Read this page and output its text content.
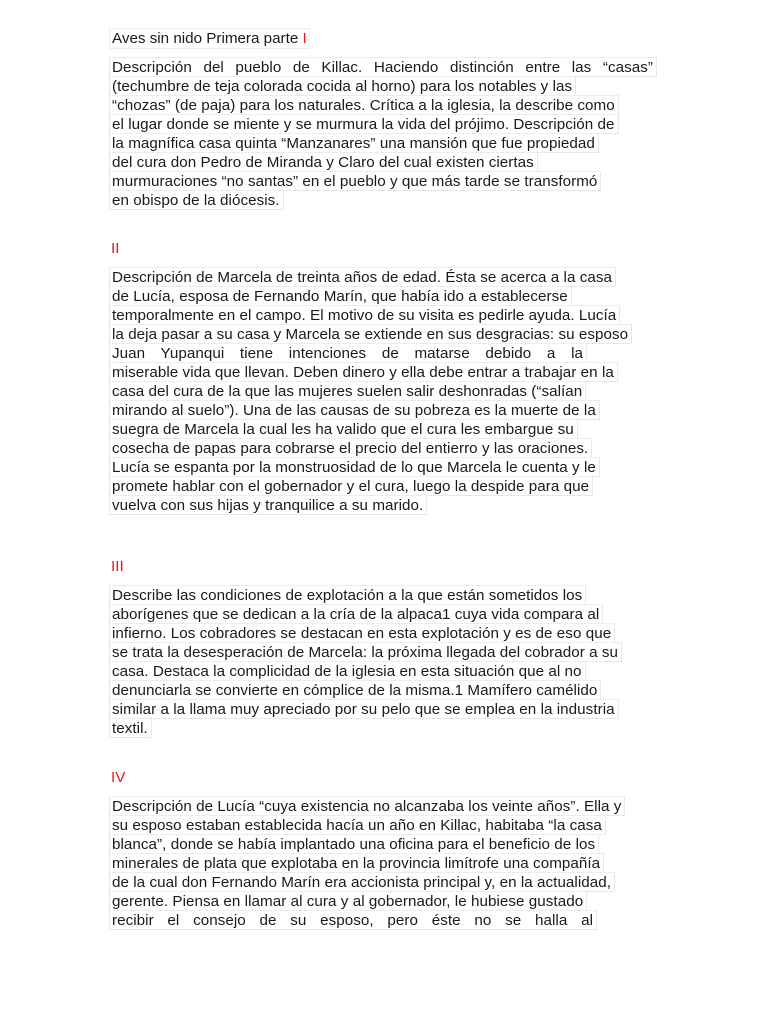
Aves sin nido Primera parte I
Descripción del pueblo de Killac. Haciendo distinción entre las “casas”
(techumbre de teja colorada cocida al horno) para los notables y las
“chozas” (de paja) para los naturales. Crítica a la iglesia, la describe como
el lugar donde se miente y se murmura la vida del prójimo. Descripción de
la magnífica casa quinta “Manzanares” una mansión que fue propiedad
del cura don Pedro de Miranda y Claro del cual existen ciertas
murmuraciones “no santas” en el pueblo y que más tarde se transformó
en obispo de la diócesis.
II
Descripción de Marcela de treinta años de edad. Ésta se acerca a la casa
de Lucía, esposa de Fernando Marín, que había ido a establecerse
temporalmente en el campo. El motivo de su visita es pedirle ayuda. Lucía
la deja pasar a su casa y Marcela se extiende en sus desgracias: su esposo
Juan Yupanqui tiene intenciones de matarse debido a la
miserable vida que llevan. Deben dinero y ella debe entrar a trabajar en la
casa del cura de la que las mujeres suelen salir deshonradas (“salían
mirando al suelo”). Una de las causas de su pobreza es la muerte de la
suegra de Marcela la cual les ha valido que el cura les embargue su
cosecha de papas para cobrarse el precio del entierro y las oraciones.
Lucía se espanta por la monstruosidad de lo que Marcela le cuenta y le
promete hablar con el gobernador y el cura, luego la despide para que
vuelva con sus hijas y tranquilice a su marido.
III
Describe las condiciones de explotación a la que están sometidos los
aborígenes que se dedican a la cría de la alpaca1 cuya vida compara al
infierno. Los cobradores se destacan en esta explotación y es de eso que
se trata la desesperación de Marcela: la próxima llegada del cobrador a su
casa. Destaca la complicidad de la iglesia en esta situación que al no
denunciarla se convierte en cómplice de la misma.1 Mamífero camélido
similar a la llama muy apreciado por su pelo que se emplea en la industria
textil.
IV
Descripción de Lucía “cuya existencia no alcanzaba los veinte años”. Ella y
su esposo estaban establecida hacía un año en Killac, habitaba “la casa
blanca”, donde se había implantado una oficina para el beneficio de los
minerales de plata que explotaba en la provincia limítrofe una compañía
de la cual don Fernando Marín era accionista principal y, en la actualidad,
gerente. Piensa en llamar al cura y al gobernador, le hubiese gustado
recibir el consejo de su esposo, pero éste no se halla al
